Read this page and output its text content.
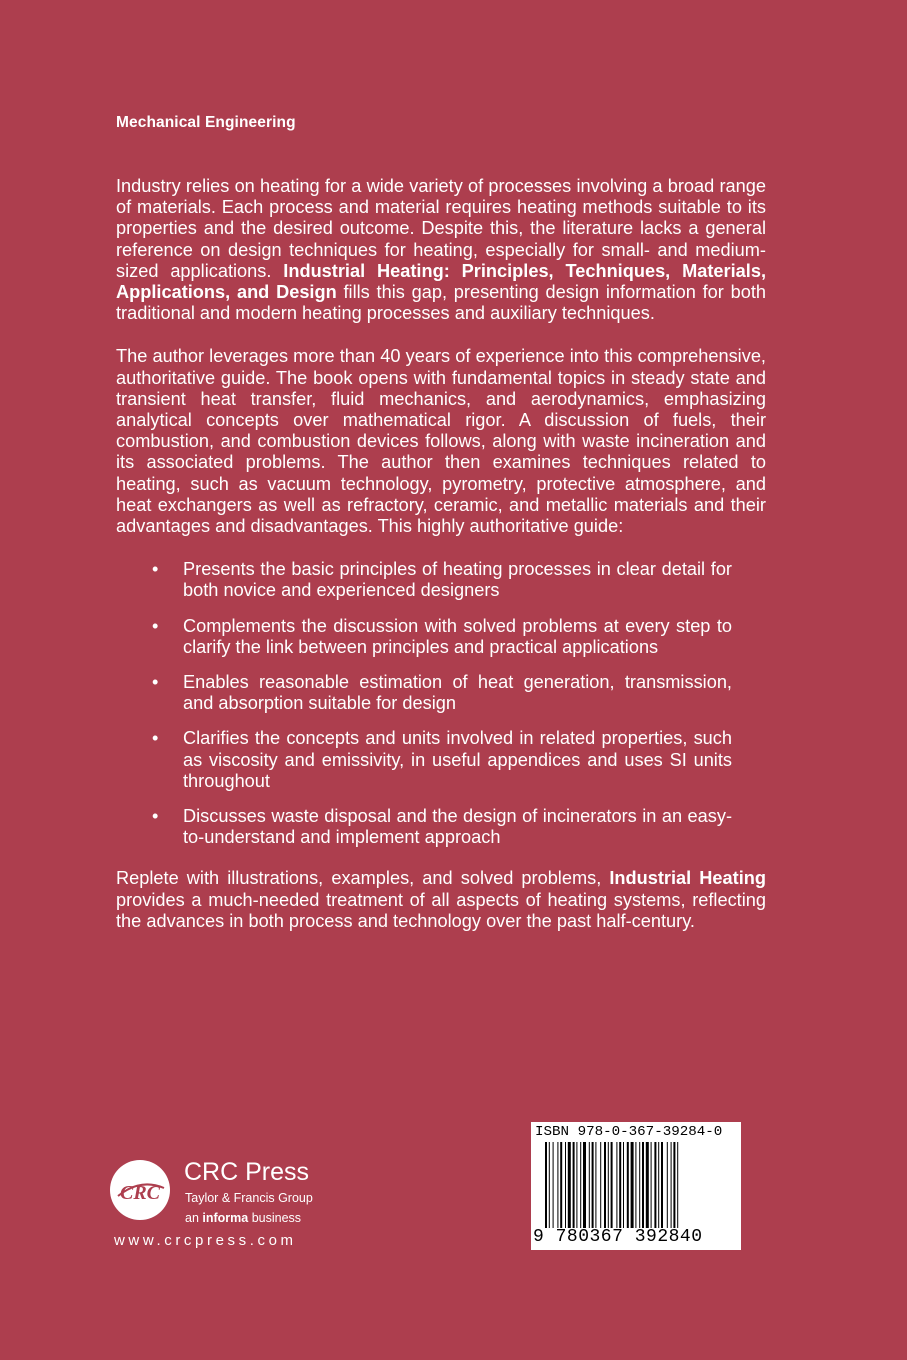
Mechanical Engineering

Industry relies on heating for a wide variety of processes involving a broad range of materials. Each process and material requires heating methods suitable to its properties and the desired outcome. Despite this, the literature lacks a general reference on design techniques for heating, especially for small- and medium-sized applications. Industrial Heating: Principles, Techniques, Materials, Applications, and Design fills this gap, presenting design information for both traditional and modern heating processes and auxiliary techniques.

The author leverages more than 40 years of experience into this comprehensive, authoritative guide. The book opens with fundamental topics in steady state and transient heat transfer, fluid mechanics, and aerodynamics, emphasizing analytical concepts over mathematical rigor. A discussion of fuels, their combustion, and combustion devices follows, along with waste incineration and its associated problems. The author then examines techniques related to heating, such as vacuum technology, pyrometry, protective atmosphere, and heat exchangers as well as refractory, ceramic, and metallic materials and their advantages and disadvantages. This highly authoritative guide:

• Presents the basic principles of heating processes in clear detail for both novice and experienced designers
• Complements the discussion with solved problems at every step to clarify the link between principles and practical applications
• Enables reasonable estimation of heat generation, transmission, and absorption suitable for design
• Clarifies the concepts and units involved in related properties, such as viscosity and emissivity, in useful appendices and uses SI units throughout
• Discusses waste disposal and the design of incinerators in an easy-to-understand and implement approach

Replete with illustrations, examples, and solved problems, Industrial Heating provides a much-needed treatment of all aspects of heating systems, reflecting the advances in both process and technology over the past half-century.

CRC
CRC Press
Taylor & Francis Group
an informa business
www.crcpress.com
ISBN 978-0-367-39284-0
9 780367 392840
